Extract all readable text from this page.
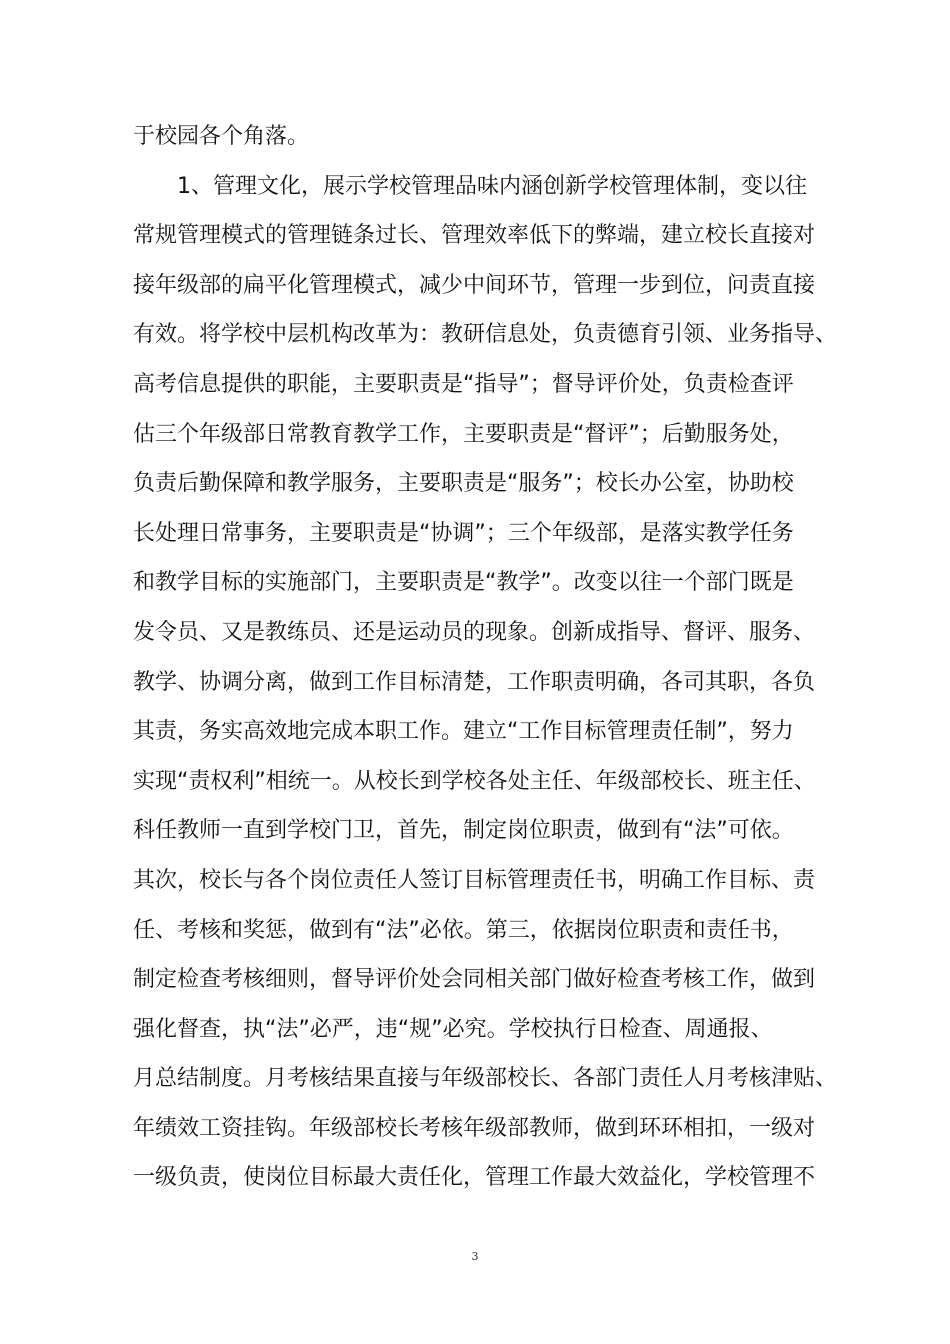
于校园各个角落。
1、管理文化，展示学校管理品味内涵创新学校管理体制，变以往
常规管理模式的管理链条过长、管理效率低下的弊端，建立校长直接对
接年级部的扁平化管理模式，减少中间环节，管理一步到位，问责直接
有效。将学校中层机构改革为：教研信息处，负责德育引领、业务指导、
高考信息提供的职能，主要职责是“指导”；督导评价处，负责检查评
估三个年级部日常教育教学工作，主要职责是“督评”；后勤服务处，
负责后勤保障和教学服务，主要职责是“服务”；校长办公室，协助校
长处理日常事务，主要职责是“协调”；三个年级部，是落实教学任务
和教学目标的实施部门，主要职责是“教学”。改变以往一个部门既是
发令员、又是教练员、还是运动员的现象。创新成指导、督评、服务、
教学、协调分离，做到工作目标清楚，工作职责明确，各司其职，各负
其责，务实高效地完成本职工作。建立“工作目标管理责任制”，努力
实现“责权利”相统一。从校长到学校各处主任、年级部校长、班主任、
科任教师一直到学校门卫，首先，制定岗位职责，做到有“法”可依。
其次，校长与各个岗位责任人签订目标管理责任书，明确工作目标、责
任、考核和奖惩，做到有“法”必依。第三，依据岗位职责和责任书，
制定检查考核细则，督导评价处会同相关部门做好检查考核工作，做到
强化督查，执“法”必严，违“规”必究。学校执行日检查、周通报、
月总结制度。月考核结果直接与年级部校长、各部门责任人月考核津贴、
年绩效工资挂钩。年级部校长考核年级部教师，做到环环相扣，一级对
一级负责，使岗位目标最大责任化，管理工作最大效益化，学校管理不
3
